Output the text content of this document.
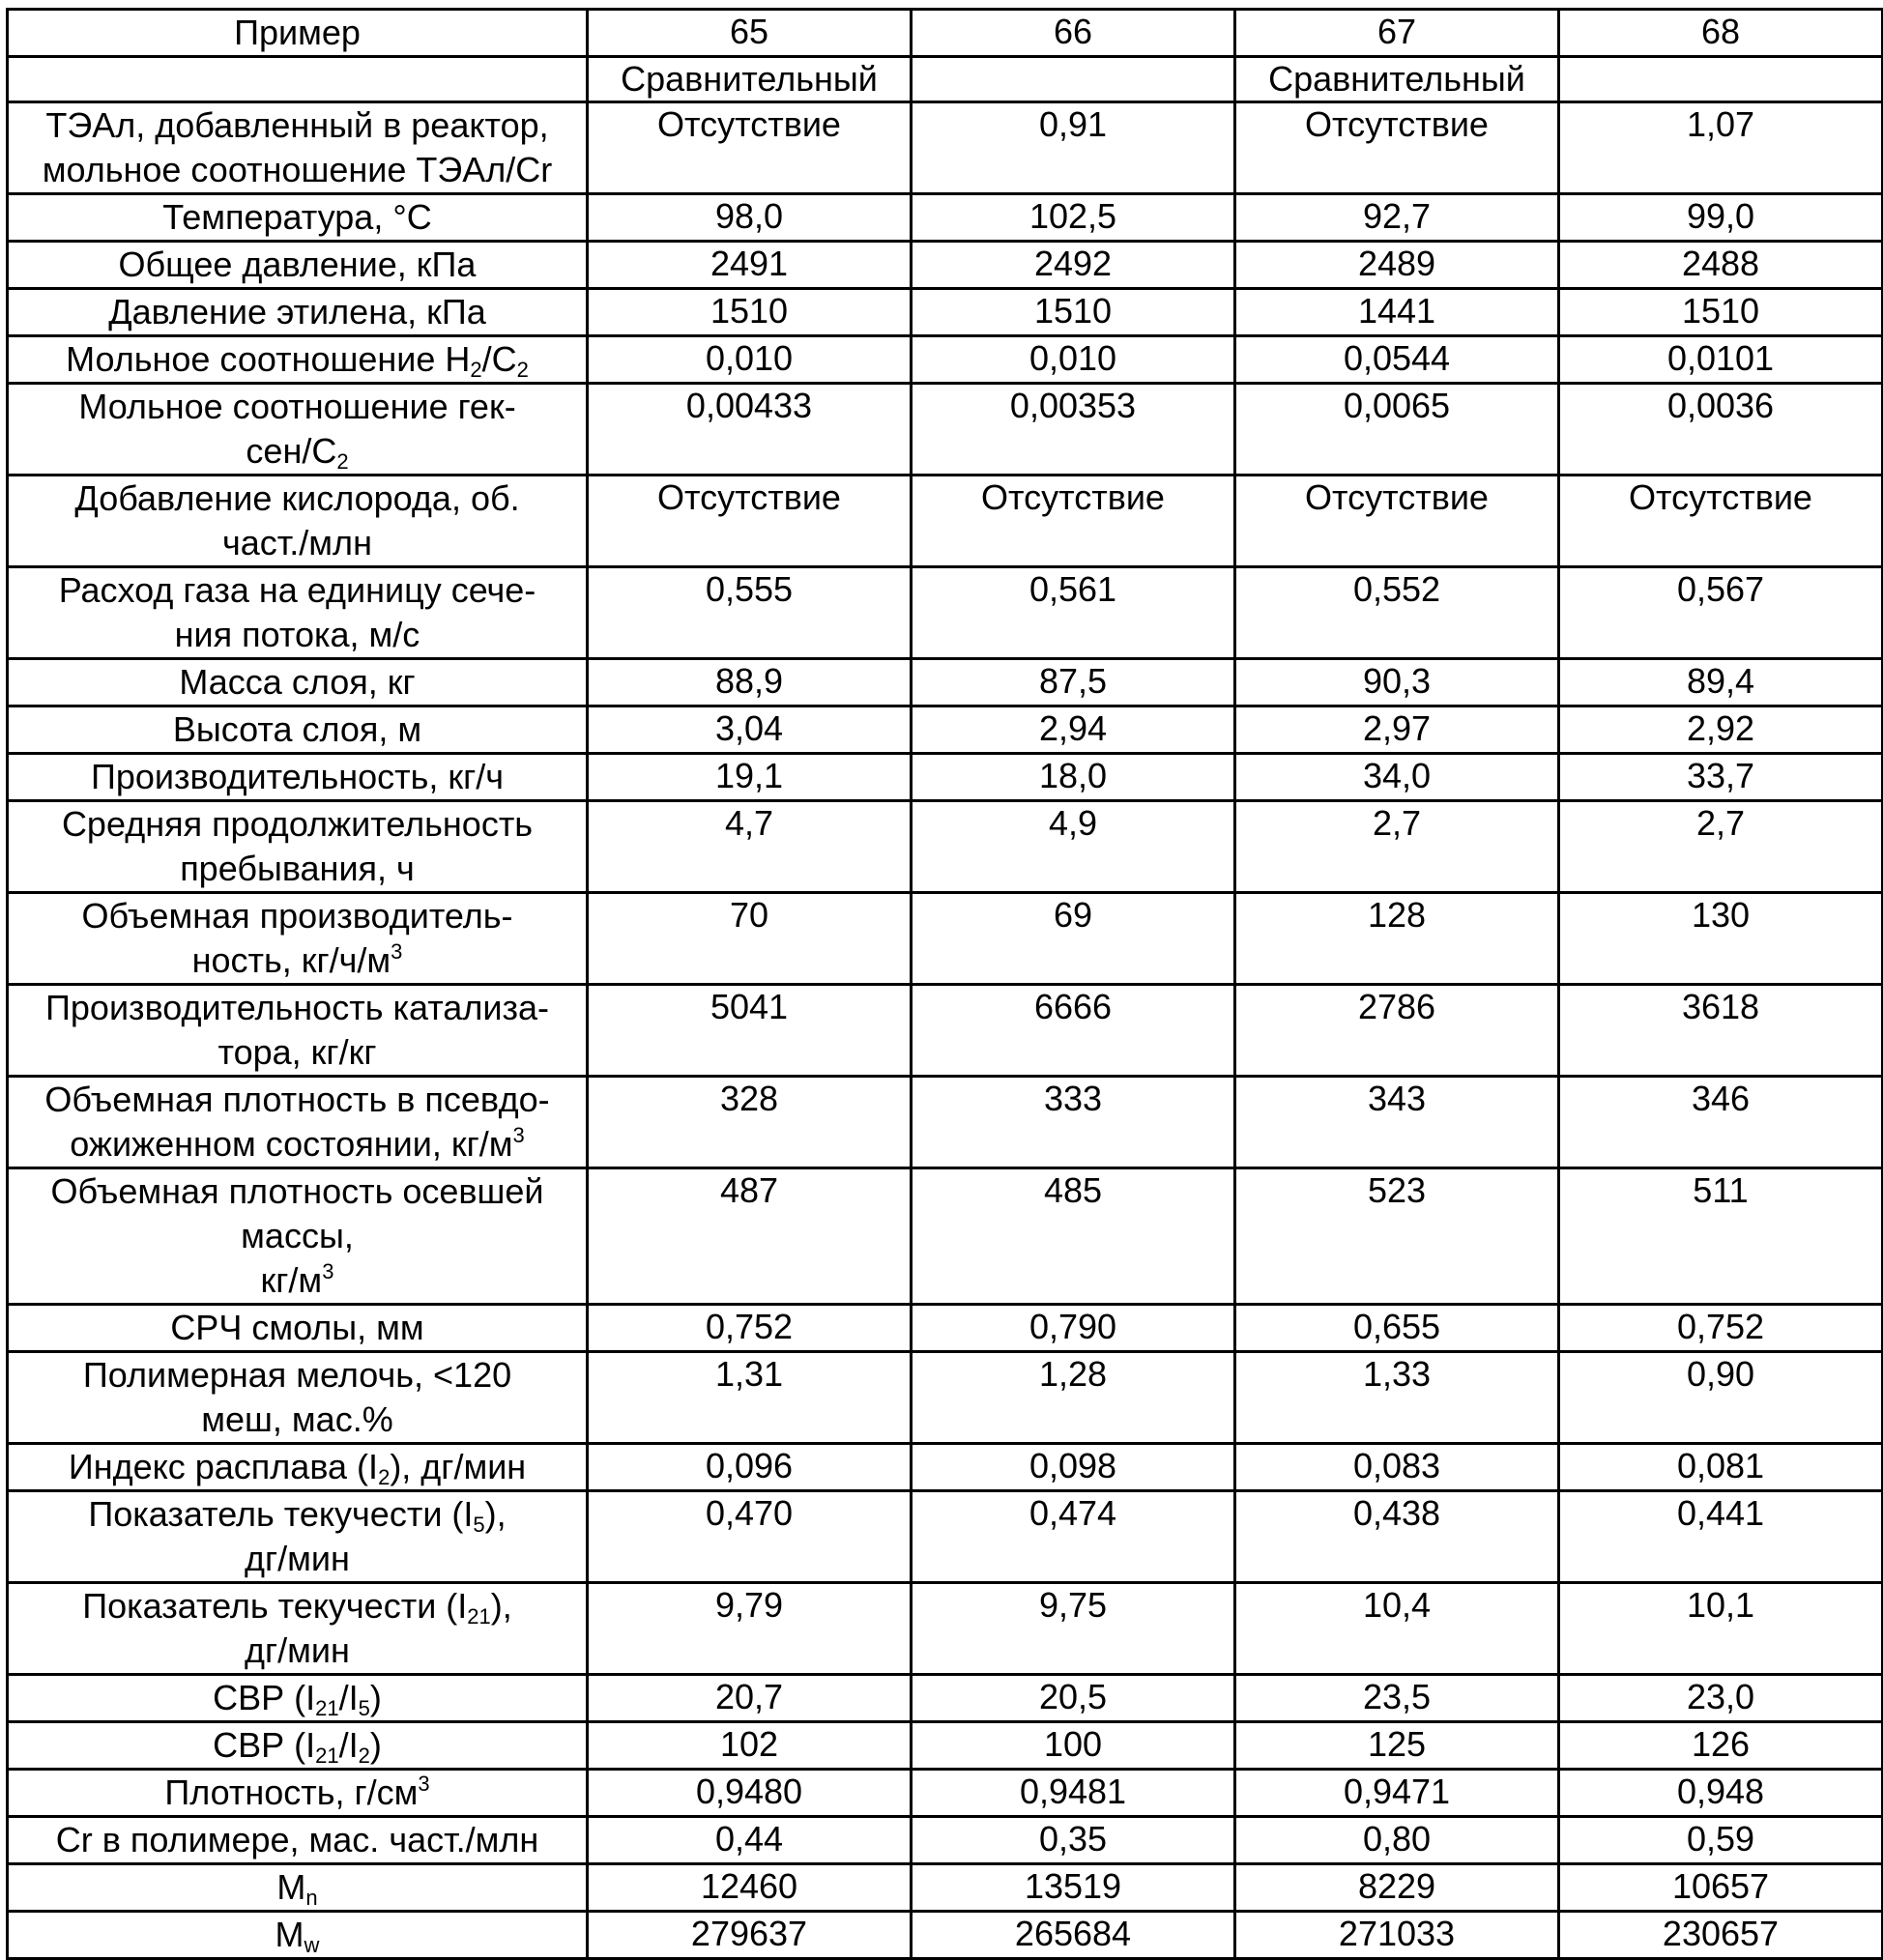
Пример	65	66	67	68

	Сравнительный		Сравнительный	

ТЭАл, добавленный в реактор,
мольное соотношение ТЭАл/Cr	Отсутствие	0,91	Отсутствие	1,07

Температура, °C	98,0	102,5	92,7	99,0

Общее давление, кПа	2491	2492	2489	2488

Давление этилена, кПа	1510	1510	1441	1510

Мольное соотношение $H_2/C_2$	0,010	0,010	0,0544	0,0101

Мольное соотношение гек-
сен/$C_2$	0,00433	0,00353	0,0065	0,0036

Добавление кислорода, об.
част./млн	Отсутствие	Отсутствие	Отсутствие	Отсутствие

Расход газа на единицу сече-
ния потока, м/с	0,555	0,561	0,552	0,567

Масса слоя, кг	88,9	87,5	90,3	89,4

Высота слоя, м	3,04	2,94	2,97	2,92

Производительность, кг/ч	19,1	18,0	34,0	33,7

Средняя продолжительность
пребывания, ч	4,7	4,9	2,7	2,7

Объемная производитель-
ность, $кг/ч/м^3$	70	69	128	130

Производительность катализа-
тора, кг/кг	5041	6666	2786	3618

Объемная плотность в псевдо-
ожиженном состоянии, $кг/м^3$	328	333	343	346

Объемная плотность осевшей
массы,
$кг/м^3$	487	485	523	511

СРЧ смолы, мм	0,752	0,790	0,655	0,752

Полимерная мелочь, <120
меш, мас.%	1,31	1,28	1,33	0,90

Индекс расплава $(I_2)$, дг/мин	0,096	0,098	0,083	0,081

Показатель текучести $(I_5)$,
дг/мин	0,470	0,474	0,438	0,441

Показатель текучести $(I_{21})$,
дг/мин	9,79	9,75	10,4	10,1

СВР $(I_{21}/I_5)$	20,7	20,5	23,5	23,0

СВР $(I_{21}/I_2)$	102	100	125	126

Плотность, $г/см^3$	0,9480	0,9481	0,9471	0,948

Cr в полимере, мас. част./млн	0,44	0,35	0,80	0,59

$M_n$	12460	13519	8229	10657

$M_w$	279637	265684	271033	230657
